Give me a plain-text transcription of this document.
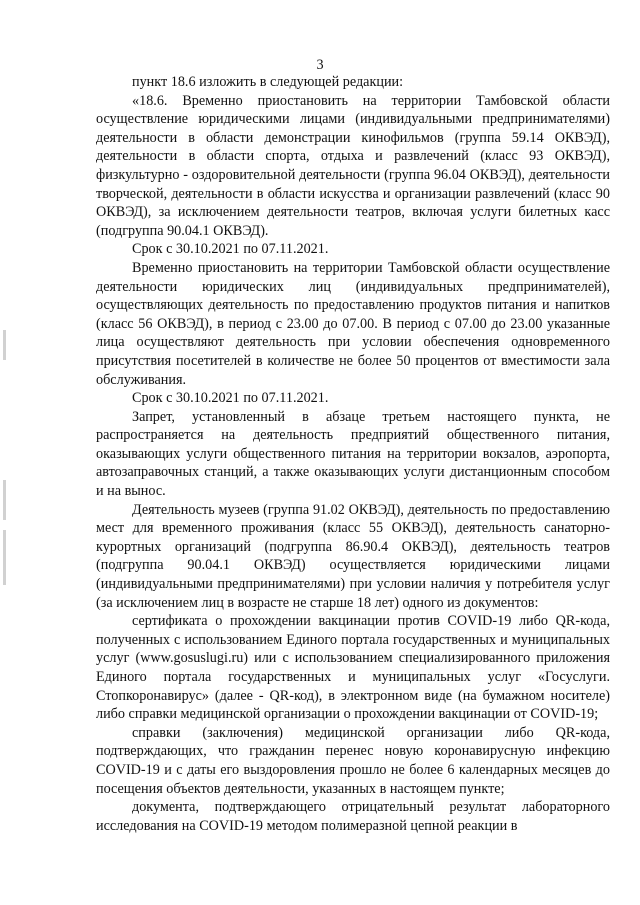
3

пункт 18.6 изложить в следующей редакции:

«18.6. Временно приостановить на территории Тамбовской области осуществление юридическими лицами (индивидуальными предпринимателями) деятельности в области демонстрации кинофильмов (группа 59.14 ОКВЭД), деятельности в области спорта, отдыха и развлечений (класс 93 ОКВЭД), физкультурно - оздоровительной деятельности (группа 96.04 ОКВЭД), деятельности творческой, деятельности в области искусства и организации развлечений (класс 90 ОКВЭД), за исключением деятельности театров, включая услуги билетных касс (подгруппа 90.04.1 ОКВЭД).

Срок с 30.10.2021 по 07.11.2021.

Временно приостановить на территории Тамбовской области осуществление деятельности юридических лиц (индивидуальных предпринимателей), осуществляющих деятельность по предоставлению продуктов питания и напитков (класс 56 ОКВЭД), в период с 23.00 до 07.00. В период с 07.00 до 23.00 указанные лица осуществляют деятельность при условии обеспечения одновременного присутствия посетителей в количестве не более 50 процентов от вместимости зала обслуживания.

Срок с 30.10.2021 по 07.11.2021.

Запрет, установленный в абзаце третьем настоящего пункта, не распространяется на деятельность предприятий общественного питания, оказывающих услуги общественного питания на территории вокзалов, аэропорта, автозаправочных станций, а также оказывающих услуги дистанционным способом и на вынос.

Деятельность музеев (группа 91.02 ОКВЭД), деятельность по предоставлению мест для временного проживания (класс 55 ОКВЭД), деятельность санаторно-курортных организаций (подгруппа 86.90.4 ОКВЭД), деятельность театров (подгруппа 90.04.1 ОКВЭД) осуществляется юридическими лицами (индивидуальными предпринимателями) при условии наличия у потребителя услуг (за исключением лиц в возрасте не старше 18 лет) одного из документов:

сертификата о прохождении вакцинации против COVID-19 либо QR-кода, полученных с использованием Единого портала государственных и муниципальных услуг (www.gosuslugi.ru) или с использованием специализированного приложения Единого портала государственных и муниципальных услуг «Госуслуги. Стопкоронавирус» (далее - QR-код), в электронном виде (на бумажном носителе) либо справки медицинской организации о прохождении вакцинации от COVID-19;

справки (заключения) медицинской организации либо QR-кода, подтверждающих, что гражданин перенес новую коронавирусную инфекцию COVID-19 и с даты его выздоровления прошло не более 6 календарных месяцев до посещения объектов деятельности, указанных в настоящем пункте;

документа, подтверждающего отрицательный результат лабораторного исследования на COVID-19 методом полимеразной цепной реакции в
